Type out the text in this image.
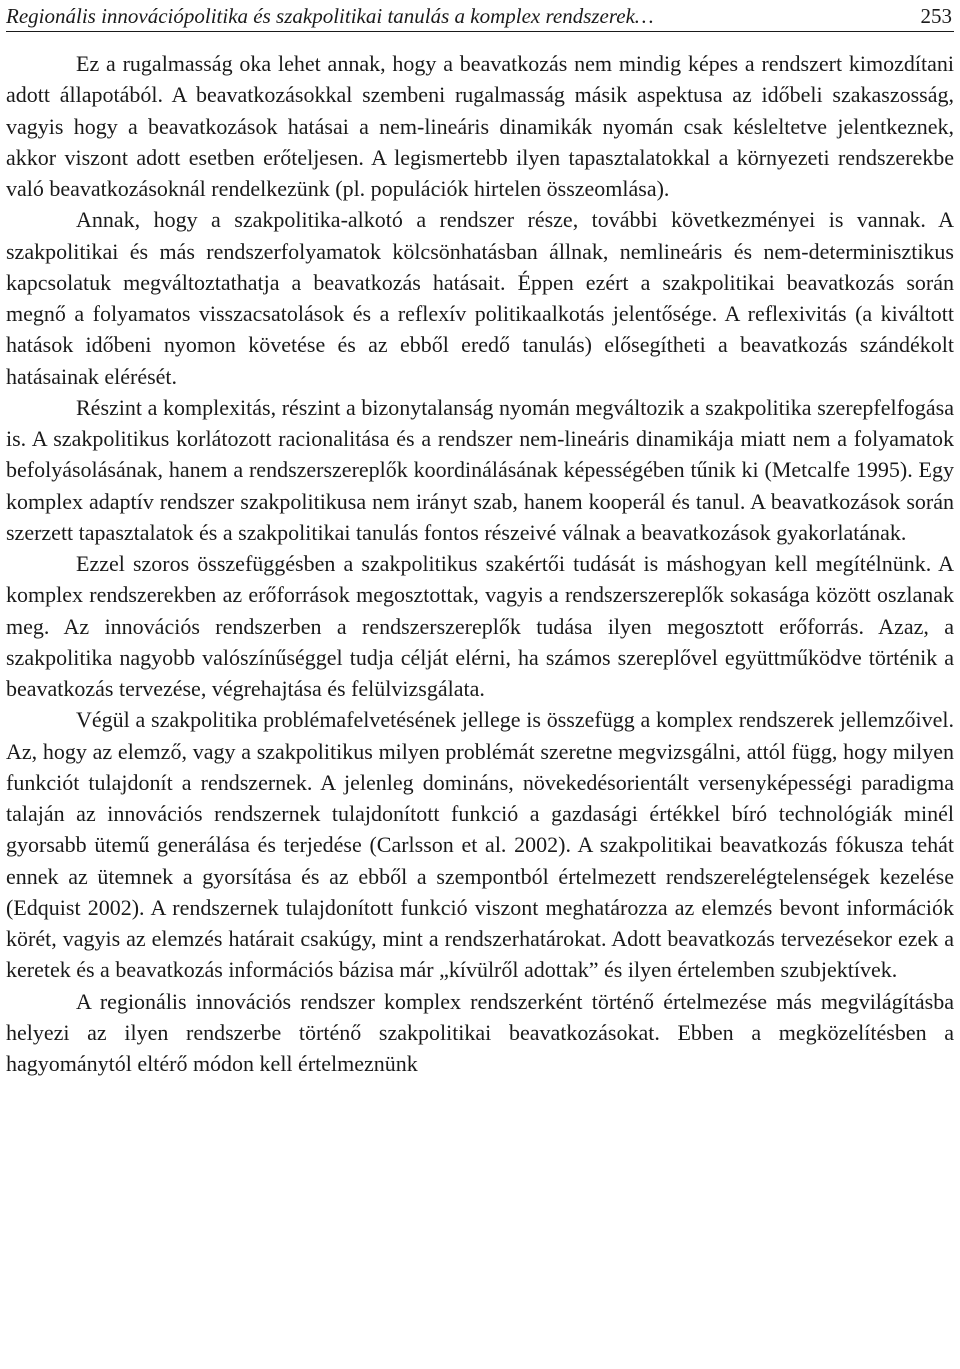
Regionális innovációpolitika és szakpolitikai tanulás a komplex rendszerek…	253

Ez a rugalmasság oka lehet annak, hogy a beavatkozás nem mindig képes a rendszert kimozdítani adott állapotából. A beavatkozásokkal szembeni rugalmasság másik aspektusa az időbeli szakaszosság, vagyis hogy a beavatkozások hatásai a nem-lineáris dinamikák nyomán csak késleltetve jelentkeznek, akkor viszont adott esetben erőteljesen. A legismertebb ilyen tapasztalatokkal a környezeti rendszerekbe való beavatkozásoknál rendelkezünk (pl. populációk hirtelen összeomlása).

Annak, hogy a szakpolitika-alkotó a rendszer része, további következményei is vannak. A szakpolitikai és más rendszerfolyamatok kölcsönhatásban állnak, nemlineáris és nem-determinisztikus kapcsolatuk megváltoztathatja a beavatkozás hatásait. Éppen ezért a szakpolitikai beavatkozás során megnő a folyamatos visszacsatolások és a reflexív politikaalkotás jelentősége. A reflexivitás (a kiváltott hatások időbeni nyomon követése és az ebből eredő tanulás) elősegítheti a beavatkozás szándékolt hatásainak elérését.

Részint a komplexitás, részint a bizonytalanság nyomán megváltozik a szakpolitika szerepfelfogása is. A szakpolitikus korlátozott racionalitása és a rendszer nem-lineáris dinamikája miatt nem a folyamatok befolyásolásának, hanem a rendszerszereplők koordinálásának képességében tűnik ki (Metcalfe 1995). Egy komplex adaptív rendszer szakpolitikusa nem irányt szab, hanem kooperál és tanul. A beavatkozások során szerzett tapasztalatok és a szakpolitikai tanulás fontos részeivé válnak a beavatkozások gyakorlatának.

Ezzel szoros összefüggésben a szakpolitikus szakértői tudását is máshogyan kell megítélnünk. A komplex rendszerekben az erőforrások megosztottak, vagyis a rendszerszereplők sokasága között oszlanak meg. Az innovációs rendszerben a rendszerszereplők tudása ilyen megosztott erőforrás. Azaz, a szakpolitika nagyobb valószínűséggel tudja célját elérni, ha számos szereplővel együttműködve történik a beavatkozás tervezése, végrehajtása és felülvizsgálata.

Végül a szakpolitika problémafelvetésének jellege is összefügg a komplex rendszerek jellemzőivel. Az, hogy az elemző, vagy a szakpolitikus milyen problémát szeretne megvizsgálni, attól függ, hogy milyen funkciót tulajdonít a rendszernek. A jelenleg domináns, növekedésorientált versenyképességi paradigma talaján az innovációs rendszernek tulajdonított funkció a gazdasági értékkel bíró technológiák minél gyorsabb ütemű generálása és terjedése (Carlsson et al. 2002). A szakpolitikai beavatkozás fókusza tehát ennek az ütemnek a gyorsítása és az ebből a szempontból értelmezett rendszerelégtelenségek kezelése (Edquist 2002). A rendszernek tulajdonított funkció viszont meghatározza az elemzés bevont információk körét, vagyis az elemzés határait csakúgy, mint a rendszerhatárokat. Adott beavatkozás tervezésekor ezek a keretek és a beavatkozás információs bázisa már „kívülről adottak” és ilyen értelemben szubjektívek.

A regionális innovációs rendszer komplex rendszerként történő értelmezése más megvilágításba helyezi az ilyen rendszerbe történő szakpolitikai beavatkozásokat. Ebben a megközelítésben a hagyománytól eltérő módon kell értelmeznünk
